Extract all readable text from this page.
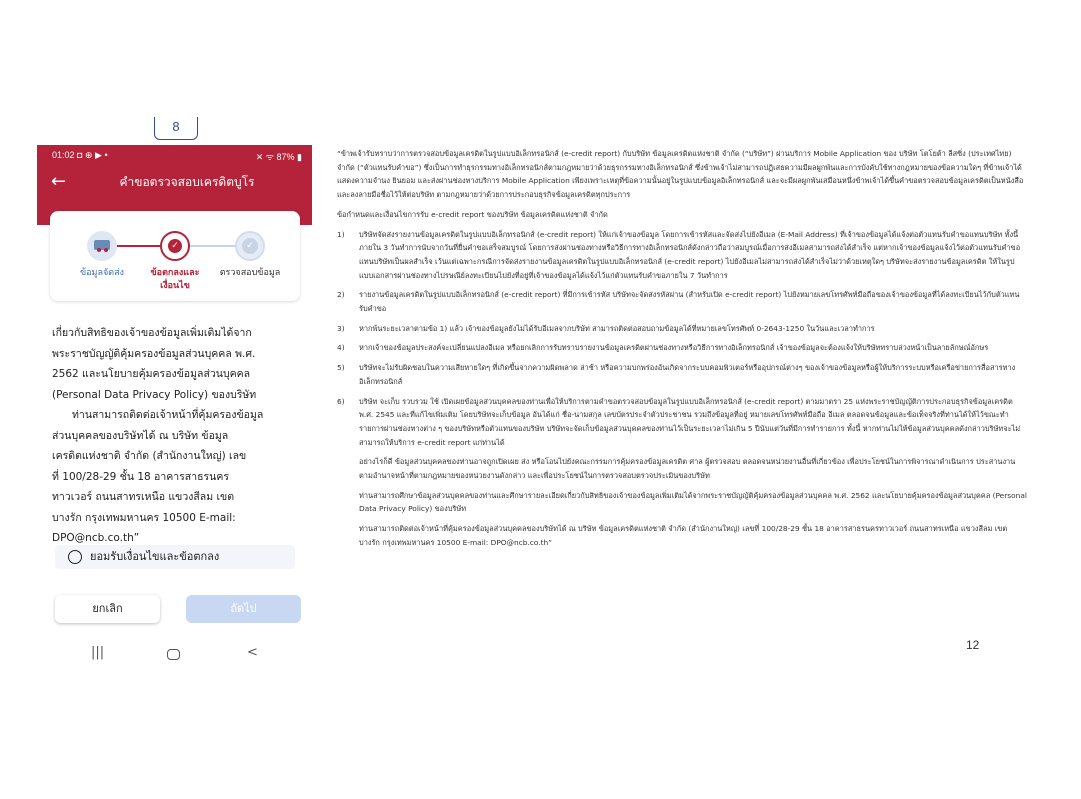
8
01:02 ◘ ⊕ ▶ •	✕ ᯤ 87% ▮
←	คำขอตรวจสอบเครดิตบูโร
✓	✓
ข้อมูลจัดส่ง	ข้อตกลงและเงื่อนไข
ตรวจสอบข้อมูล
เกี่ยวกับสิทธิของเจ้าของข้อมูลเพิ่มเติมได้จาก
พระราชบัญญัติคุ้มครองข้อมูลส่วนบุคคล พ.ศ.
2562 และนโยบายคุ้มครองข้อมูลส่วนบุคคล
(Personal Data Privacy Policy) ของบริษัท
ท่านสามารถติดต่อเจ้าหน้าที่คุ้มครองข้อมูล
ส่วนบุคคลของบริษัทได้ ณ บริษัท ข้อมูล
เครดิตแห่งชาติ จำกัด (สำนักงานใหญ่) เลข
ที่ 100/28-29 ชั้น 18 อาคารสาธรนคร
ทาวเวอร์ ถนนสาทรเหนือ แขวงสีลม เขต
บางรัก กรุงเทพมหานคร 10500 E-mail:
DPO@ncb.co.th”
ยอมรับเงื่อนไขและข้อตกลง
ยกเลิก	ถัดไป
|||	<

“ข้าพเจ้ารับทราบว่าการตรวจสอบข้อมูลเครดิตในรูปแบบอิเล็กทรอนิกส์ (e-credit report) กับบริษัท ข้อมูลเครดิตแห่งชาติ จำกัด (“บริษัท”) ผ่านบริการ Mobile Application ของ บริษัท โตโยต้า ลีสซิ่ง (ประเทศไทย) จำกัด (“ตัวแทนรับคำขอ”) ซึ่งเป็นการทำธุรกรรมทางอิเล็กทรอนิกส์ตามกฎหมายว่าด้วยธุรกรรมทางอิเล็กทรอนิกส์ ซึ่งข้าพเจ้าไม่สามารถปฏิเสธความมีผลผูกพันและการบังคับใช้ทางกฎหมายของข้อความใดๆ ที่ข้าพเจ้าได้แสดงความจำนง ยินยอม และส่งผ่านช่องทางบริการ Mobile Application เพียงเพราะเหตุที่ข้อความนั้นอยู่ในรูปแบบข้อมูลอิเล็กทรอนิกส์ และจะมีผลผูกพันเสมือนหนึ่งข้าพเจ้าได้ขึ้นคำขอตรวจสอบข้อมูลเครดิตเป็นหนังสือ และลงลายมือชื่อไว้ให้ต่อบริษัท ตามกฎหมายว่าด้วยการประกอบธุรกิจข้อมูลเครดิตทุกประการ

ข้อกำหนดและเงื่อนไขการรับ e-credit report ของบริษัท ข้อมูลเครดิตแห่งชาติ จำกัด

1) บริษัทจัดส่งรายงานข้อมูลเครดิตในรูปแบบอิเล็กทรอนิกส์ (e-credit report) ให้แก่เจ้าของข้อมูล โดยการเข้ารหัสและจัดส่งไปยังอีเมล (E-Mail Address) ที่เจ้าของข้อมูลได้แจ้งต่อตัวแทนรับคำขอแทนบริษัท ทั้งนี้ ภายใน 3 วันทำการนับจากวันที่ยื่นคำขอเสร็จสมบูรณ์ โดยการส่งผ่านช่องทางหรือวิธีการทางอิเล็กทรอนิกส์ดังกล่าวถือว่าสมบูรณ์เมื่อการส่งอีเมลสามารถส่งได้สำเร็จ แต่หากเจ้าของข้อมูลแจ้งไว้ต่อตัวแทนรับคำขอแทนบริษัทเป็นผลสำเร็จ เว้นแต่เฉพาะกรณีการจัดส่งรายงานข้อมูลเครดิตในรูปแบบอิเล็กทรอนิกส์ (e-credit report) ไปยังอีเมลไม่สามารถส่งได้สำเร็จไม่ว่าด้วยเหตุใดๆ บริษัทจะส่งรายงานข้อมูลเครดิต ให้ในรูปแบบเอกสารผ่านช่องทางไปรษณีย์ลงทะเบียนไปยังที่อยู่ที่เจ้าของข้อมูลได้แจ้งไว้แก่ตัวแทนรับคำขอภายใน 7 วันทำการ
2) รายงานข้อมูลเครดิตในรูปแบบอิเล็กทรอนิกส์ (e-credit report) ที่มีการเข้ารหัส บริษัทจะจัดส่งรหัสผ่าน (สำหรับเปิด e-credit report) ไปยังหมายเลขโทรศัพท์มือถือของเจ้าของข้อมูลที่ได้ลงทะเบียนไว้กับตัวแทนรับคำขอ
3) หากพ้นระยะเวลาตามข้อ 1) แล้ว เจ้าของข้อมูลยังไม่ได้รับอีเมลจากบริษัท สามารถติดต่อสอบถามข้อมูลได้ที่หมายเลขโทรศัพท์ 0-2643-1250 ในวันและเวลาทำการ
4) หากเจ้าของข้อมูลประสงค์จะเปลี่ยนแปลงอีเมล หรือยกเลิกการรับทราบรายงานข้อมูลเครดิตผ่านช่องทางหรือวิธีการทางอิเล็กทรอนิกส์ เจ้าของข้อมูลจะต้องแจ้งให้บริษัททราบล่วงหน้าเป็นลายลักษณ์อักษร
5) บริษัทจะไม่รับผิดชอบในความเสียหายใดๆ ที่เกิดขึ้นจากความผิดพลาด ล่าช้า หรือความบกพร่องอันเกิดจากระบบคอมพิวเตอร์หรืออุปกรณ์ต่างๆ ของเจ้าของข้อมูลหรือผู้ให้บริการระบบหรือเครือข่ายการสื่อสารทางอิเล็กทรอนิกส์
6) บริษัท จะเก็บ รวบรวม ใช้ เปิดเผยข้อมูลส่วนบุคคลของท่านเพื่อให้บริการตามคำขอตรวจสอบข้อมูลในรูปแบบอิเล็กทรอนิกส์ (e-credit report) ตามมาตรา 25 แห่งพระราชบัญญัติการประกอบธุรกิจข้อมูลเครดิต พ.ศ. 2545 และที่แก้ไขเพิ่มเติม โดยบริษัทจะเก็บข้อมูล อันได้แก่ ชื่อ-นามสกุล เลขบัตรประจำตัวประชาชน รวมถึงข้อมูลที่อยู่ หมายเลขโทรศัพท์มือถือ อีเมล ตลอดจนข้อมูลและข้อเท็จจริงที่ท่านได้ให้ไว้ขณะทำรายการผ่านช่องทางต่าง ๆ ของบริษัทหรือตัวแทนของบริษัท บริษัทจะจัดเก็บข้อมูลส่วนบุคคลของท่านไว้เป็นระยะเวลาไม่เกิน 5 ปีนับแต่วันที่มีการทำรายการ ทั้งนี้ หากท่านไม่ให้ข้อมูลส่วนบุคคลดังกล่าวบริษัทจะไม่สามารถให้บริการ e-credit report แก่ท่านได้
อย่างไรก็ดี ข้อมูลส่วนบุคคลของท่านอาจถูกเปิดเผย ส่ง หรือโอนไปยังคณะกรรมการคุ้มครองข้อมูลเครดิต ศาล ผู้ตรวจสอบ ตลอดจนหน่วยงานอื่นที่เกี่ยวข้อง เพื่อประโยชน์ในการพิจารณาดำเนินการ ประสานงาน ตามอำนาจหน้าที่ตามกฎหมายของหน่วยงานดังกล่าว และเพื่อประโยชน์ในการตรวจสอบตรวจประเมินของบริษัท
ท่านสามารถศึกษาข้อมูลส่วนบุคคลของท่านและศึกษารายละเอียดเกี่ยวกับสิทธิของเจ้าของข้อมูลเพิ่มเติมได้จากพระราชบัญญัติคุ้มครองข้อมูลส่วนบุคคล พ.ศ. 2562 และนโยบายคุ้มครองข้อมูลส่วนบุคคล (Personal Data Privacy Policy) ของบริษัท
ท่านสามารถติดต่อเจ้าหน้าที่คุ้มครองข้อมูลส่วนบุคคลของบริษัทได้ ณ บริษัท ข้อมูลเครดิตแห่งชาติ จำกัด (สำนักงานใหญ่) เลขที่ 100/28-29 ชั้น 18 อาคารสาธรนครทาวเวอร์ ถนนสาทรเหนือ แขวงสีลม เขตบางรัก กรุงเทพมหานคร 10500 E-mail: DPO@ncb.co.th”
12
